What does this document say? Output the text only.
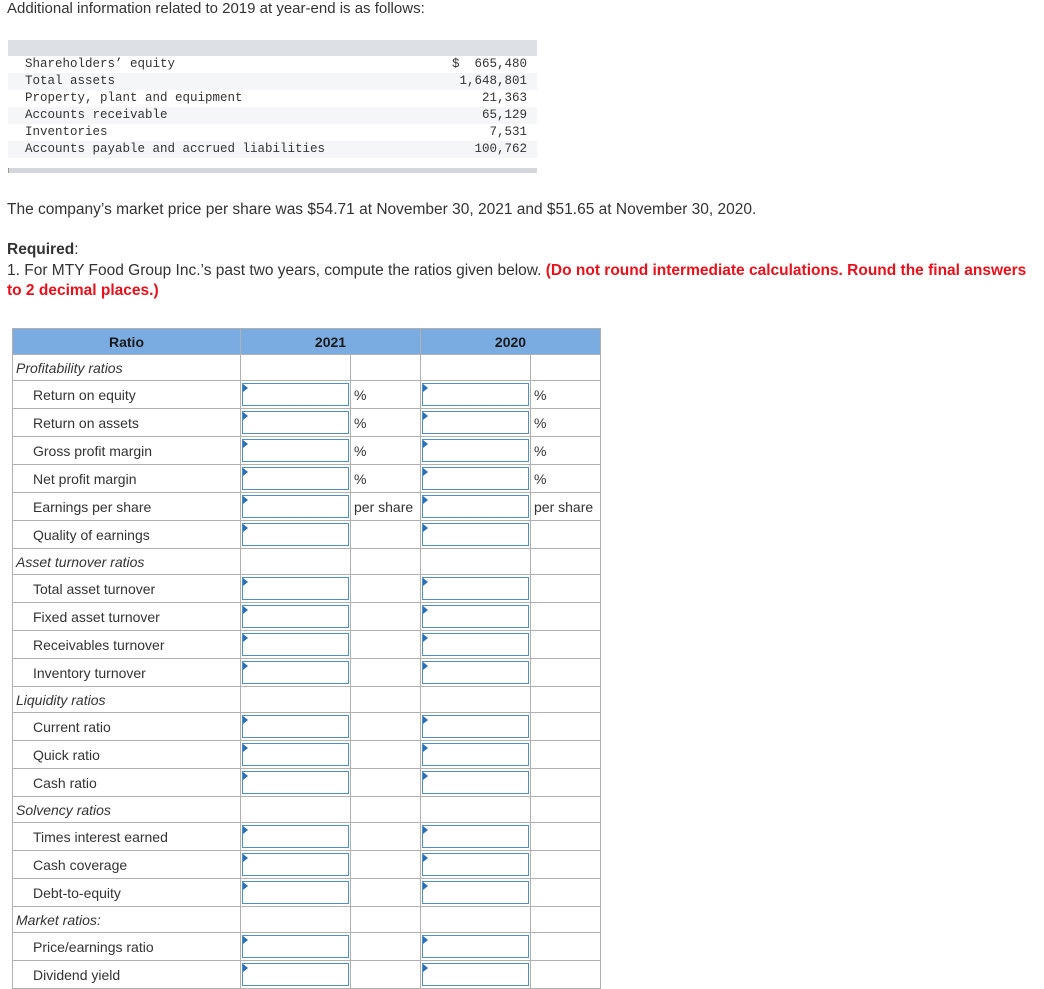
Additional information related to 2019 at year-end is as follows:
Shareholders’ equity	$  665,480
Total assets	1,648,801
Property, plant and equipment	21,363
Accounts receivable	65,129
Inventories	7,531
Accounts payable and accrued liabilities	100,762
The company’s market price per share was $54.71 at November 30, 2021 and $51.65 at November 30, 2020.
Required:
1. For MTY Food Group Inc.’s past two years, compute the ratios given below. (Do not round intermediate calculations. Round the final answers to 2 decimal places.)
Ratio	2021		2020	
Profitability ratios				
Return on equity		%		%
Return on assets		%		%
Gross profit margin		%		%
Net profit margin		%		%
Earnings per share		per share		per share
Quality of earnings	

Asset turnover ratios				
Total asset turnover	

Fixed asset turnover	

Receivables turnover	

Inventory turnover	

Liquidity ratios				
Current ratio	

Quick ratio	

Cash ratio	

Solvency ratios				
Times interest earned	

Cash coverage	

Debt-to-equity	

Market ratios:				
Price/earnings ratio	

Dividend yield	
